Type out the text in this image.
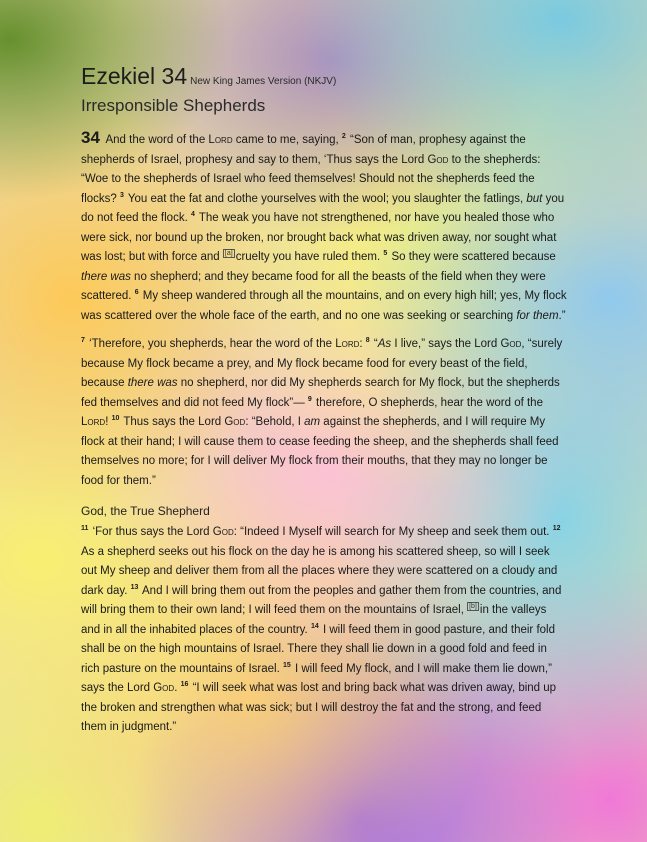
Ezekiel 34 New King James Version (NKJV)
Irresponsible Shepherds
34 And the word of the Lord came to me, saying, $^2$ “Son of man, prophesy against the shepherds of Israel, prophesy and say to them, ‘Thus says the Lord God to the shepherds: “Woe to the shepherds of Israel who feed themselves! Should not the shepherds feed the flocks? $^3$ You eat the fat and clothe yourselves with the wool; you slaughter the fatlings, but you do not feed the flock. $^4$ The weak you have not strengthened, nor have you healed those who were sick, nor bound up the broken, nor brought back what was driven away, nor sought what was lost; but with force and [a] cruelty you have ruled them. $^5$ So they were scattered because there was no shepherd; and they became food for all the beasts of the field when they were scattered. $^6$ My sheep wandered through all the mountains, and on every high hill; yes, My flock was scattered over the whole face of the earth, and no one was seeking or searching for them.”
$^7$ ‘Therefore, you shepherds, hear the word of the Lord: $^8$ “As I live,” says the Lord God, “surely because My flock became a prey, and My flock became food for every beast of the field, because there was no shepherd, nor did My shepherds search for My flock, but the shepherds fed themselves and did not feed My flock”— $^9$ therefore, O shepherds, hear the word of the Lord! $^{10}$ Thus says the Lord God: “Behold, I am against the shepherds, and I will require My flock at their hand; I will cause them to cease feeding the sheep, and the shepherds shall feed themselves no more; for I will deliver My flock from their mouths, that they may no longer be food for them.”
God, the True Shepherd
$^{11}$ ‘For thus says the Lord God: “Indeed I Myself will search for My sheep and seek them out. $^{12}$ As a shepherd seeks out his flock on the day he is among his scattered sheep, so will I seek out My sheep and deliver them from all the places where they were scattered on a cloudy and dark day. $^{13}$ And I will bring them out from the peoples and gather them from the countries, and will bring them to their own land; I will feed them on the mountains of Israel, [b] in the valleys and in all the inhabited places of the country. $^{14}$ I will feed them in good pasture, and their fold shall be on the high mountains of Israel. There they shall lie down in a good fold and feed in rich pasture on the mountains of Israel. $^{15}$ I will feed My flock, and I will make them lie down,” says the Lord God. $^{16}$ “I will seek what was lost and bring back what was driven away, bind up the broken and strengthen what was sick; but I will destroy the fat and the strong, and feed them in judgment.”
